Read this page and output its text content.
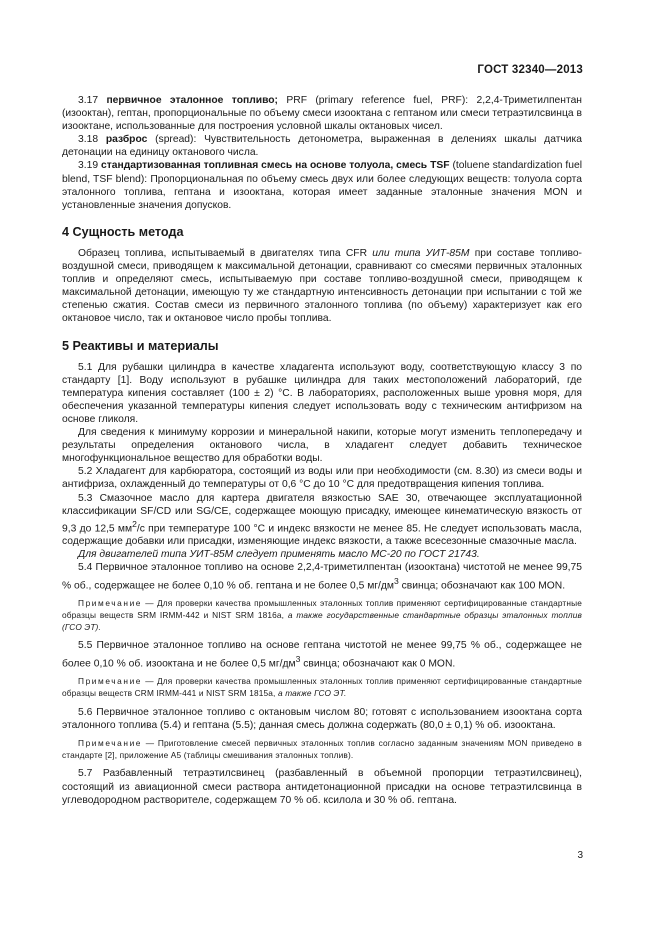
ГОСТ 32340—2013

3.17 первичное эталонное топливо; PRF (primary reference fuel, PRF): 2,2,4-Триметилпентан (изооктан), гептан, пропорциональные по объему смеси изооктана с гептаном или смеси тетраэтилсвинца в изооктане, использованные для построения условной шкалы октановых чисел.

3.18 разброс (spread): Чувствительность детонометра, выраженная в делениях шкалы датчика детонации на единицу октанового числа.

3.19 стандартизованная топливная смесь на основе толуола, смесь TSF (toluene standardization fuel blend, TSF blend): Пропорциональная по объему смесь двух или более следующих веществ: толуола сорта эталонного топлива, гептана и изооктана, которая имеет заданные эталонные значения MON и установленные значения допусков.

4 Сущность метода

Образец топлива, испытываемый в двигателях типа CFR или типа УИТ-85М при составе топливо-воздушной смеси, приводящем к максимальной детонации, сравнивают со смесями первичных эталонных топлив и определяют смесь, испытываемую при составе топливо-воздушной смеси, приводящем к максимальной детонации, имеющую ту же стандартную интенсивность детонации при испытании с той же степенью сжатия. Состав смеси из первичного эталонного топлива (по объему) характеризует как его октановое число, так и октановое число пробы топлива.

5 Реактивы и материалы

5.1 Для рубашки цилиндра в качестве хладагента используют воду, соответствующую классу 3 по стандарту [1]. Воду используют в рубашке цилиндра для таких местоположений лабораторий, где температура кипения составляет (100 ± 2) °С. В лабораториях, расположенных выше уровня моря, для обеспечения указанной температуры кипения следует использовать воду с техническим антифризом на основе гликоля.

Для сведения к минимуму коррозии и минеральной накипи, которые могут изменить теплопередачу и результаты определения октанового числа, в хладагент следует добавить техническое многофункциональное вещество для обработки воды.

5.2 Хладагент для карбюратора, состоящий из воды или при необходимости (см. 8.30) из смеси воды и антифриза, охлажденный до температуры от 0,6 °С до 10 °С для предотвращения кипения топлива.

5.3 Смазочное масло для картера двигателя вязкостью SAE 30, отвечающее эксплуатационной классификации SF/CD или SG/CE, содержащее моющую присадку, имеющее кинематическую вязкость от 9,3 до 12,5 $мм^2/с$ при температуре 100 °С и индекс вязкости не менее 85. Не следует использовать масла, содержащие добавки или присадки, изменяющие индекс вязкости, а также всесезонные смазочные масла.

Для двигателей типа УИТ-85М следует применять масло МС-20 по ГОСТ 21743.

5.4 Первичное эталонное топливо на основе 2,2,4-триметилпентан (изооктана) чистотой не менее 99,75 % об., содержащее не более 0,10 % об. гептана и не более 0,5 $мг/дм^3$ свинца; обозначают как 100 MON.

Примечание — Для проверки качества промышленных эталонных топлив применяют сертифицированные стандартные образцы веществ SRM IRMM-442 и NIST SRM 1816a, а также государственные стандартные образцы эталонных топлив (ГСО ЭТ).

5.5 Первичное эталонное топливо на основе гептана чистотой не менее 99,75 % об., содержащее не более 0,10 % об. изооктана и не более 0,5 $мг/дм^3$ свинца; обозначают как 0 MON.

Примечание — Для проверки качества промышленных эталонных топлив применяют сертифицированные стандартные образцы веществ CRM IRMM-441 и NIST SRM 1815a, а также ГСО ЭТ.

5.6 Первичное эталонное топливо с октановым числом 80; готовят с использованием изооктана сорта эталонного топлива (5.4) и гептана (5.5); данная смесь должна содержать (80,0 ± 0,1) % об. изооктана.

Примечание — Приготовление смесей первичных эталонных топлив согласно заданным значениям MON приведено в стандарте [2], приложение А5 (таблицы смешивания эталонных топлив).

5.7 Разбавленный тетраэтилсвинец (разбавленный в объемной пропорции тетраэтилсвинец), состоящий из авиационной смеси раствора антидетонационной присадки на основе тетраэтилсвинца в углеводородном растворителе, содержащем 70 % об. ксилола и 30 % об. гептана.

3
